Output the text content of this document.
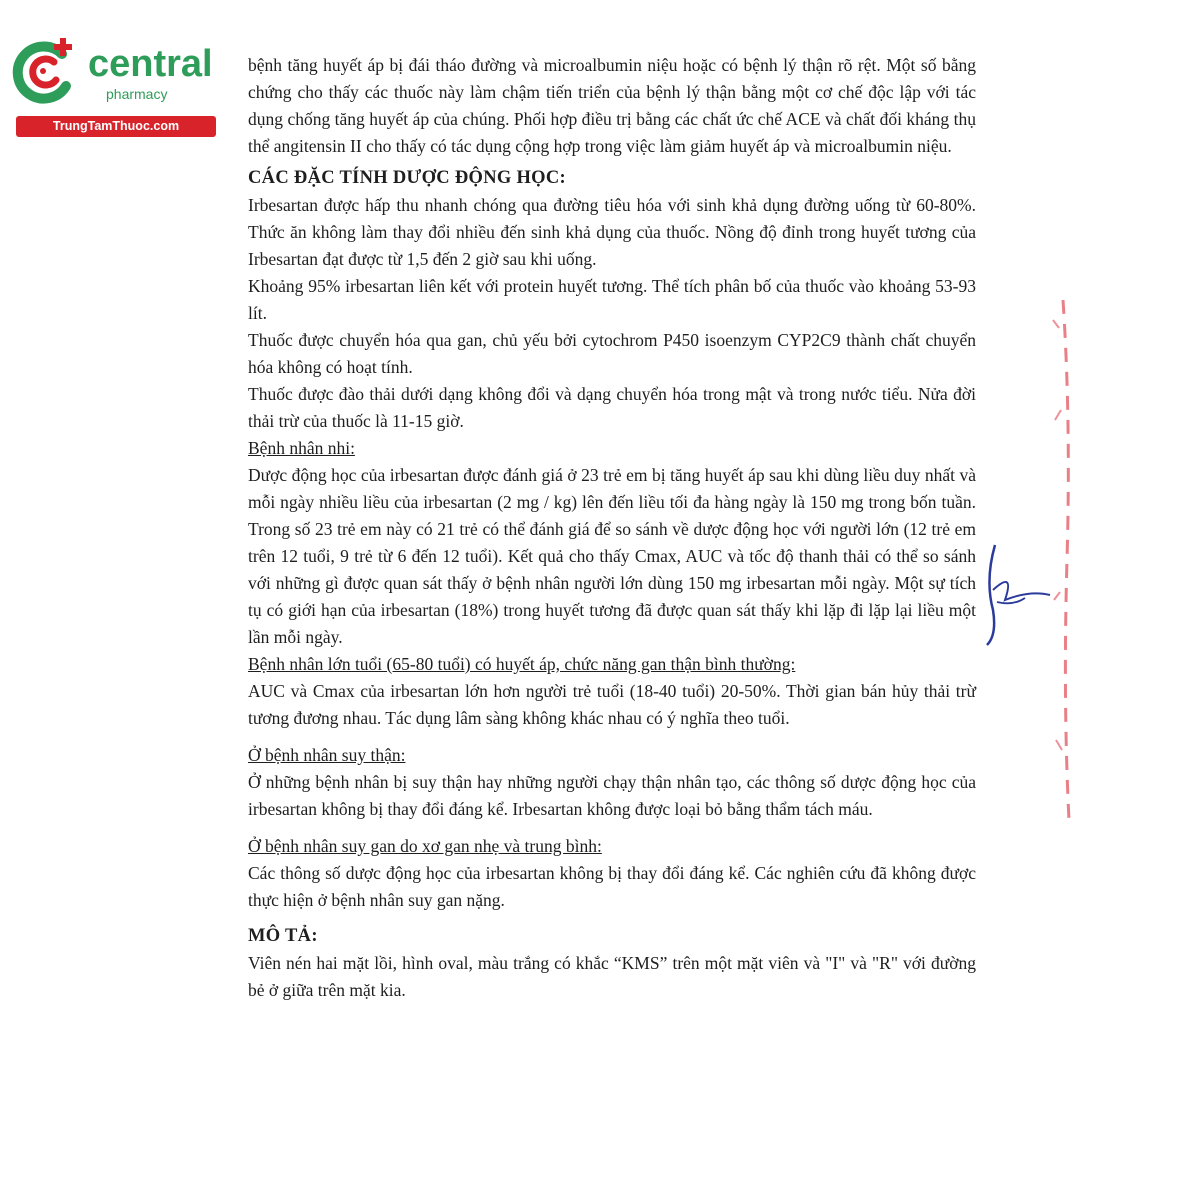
central
pharmacy
TrungTamThuoc.com

bệnh tăng huyết áp bị đái tháo đường và microalbumin niệu hoặc có bệnh lý thận rõ rệt. Một số bằng chứng cho thấy các thuốc này làm chậm tiến triển của bệnh lý thận bằng một cơ chế độc lập với tác dụng chống tăng huyết áp của chúng. Phối hợp điều trị bằng các chất ức chế ACE và chất đối kháng thụ thể angitensin II cho thấy có tác dụng cộng hợp trong việc làm giảm huyết áp và microalbumin niệu.

CÁC ĐẶC TÍNH DƯỢC ĐỘNG HỌC:

Irbesartan được hấp thu nhanh chóng qua đường tiêu hóa với sinh khả dụng đường uống từ 60-80%. Thức ăn không làm thay đổi nhiều đến sinh khả dụng của thuốc. Nồng độ đỉnh trong huyết tương của Irbesartan đạt được từ 1,5 đến 2 giờ sau khi uống.

Khoảng 95% irbesartan liên kết với protein huyết tương. Thể tích phân bố của thuốc vào khoảng 53-93 lít.

Thuốc được chuyển hóa qua gan, chủ yếu bởi cytochrom P450 isoenzym CYP2C9 thành chất chuyển hóa không có hoạt tính.

Thuốc được đào thải dưới dạng không đổi và dạng chuyển hóa trong mật và trong nước tiểu. Nửa đời thải trừ của thuốc là 11-15 giờ.

Bệnh nhân nhi:

Dược động học của irbesartan được đánh giá ở 23 trẻ em bị tăng huyết áp sau khi dùng liều duy nhất và mỗi ngày nhiều liều của irbesartan (2 mg / kg) lên đến liều tối đa hàng ngày là 150 mg trong bốn tuần. Trong số 23 trẻ em này có 21 trẻ có thể đánh giá để so sánh về dược động học với người lớn (12 trẻ em trên 12 tuổi, 9 trẻ từ 6 đến 12 tuổi). Kết quả cho thấy Cmax, AUC và tốc độ thanh thải có thể so sánh với những gì được quan sát thấy ở bệnh nhân người lớn dùng 150 mg irbesartan mỗi ngày. Một sự tích tụ có giới hạn của irbesartan (18%) trong huyết tương đã được quan sát thấy khi lặp đi lặp lại liều một lần mỗi ngày.

Bệnh nhân lớn tuổi (65-80 tuổi) có huyết áp, chức năng gan thận bình thường:

AUC và Cmax của irbesartan lớn hơn người trẻ tuổi (18-40 tuổi) 20-50%. Thời gian bán hủy thải trừ tương đương nhau. Tác dụng lâm sàng không khác nhau có ý nghĩa theo tuổi.

Ở bệnh nhân suy thận:

Ở những bệnh nhân bị suy thận hay những người chạy thận nhân tạo, các thông số dược động học của irbesartan không bị thay đổi đáng kể. Irbesartan không được loại bỏ bằng thẩm tách máu.

Ở bệnh nhân suy gan do xơ gan nhẹ và trung bình:

Các thông số dược động học của irbesartan không bị thay đổi đáng kể. Các nghiên cứu đã không được thực hiện ở bệnh nhân suy gan nặng.

MÔ TẢ:

Viên nén hai mặt lồi, hình oval, màu trắng có khắc “KMS” trên một mặt viên và "I" và "R" với đường bẻ ở giữa trên mặt kia.
